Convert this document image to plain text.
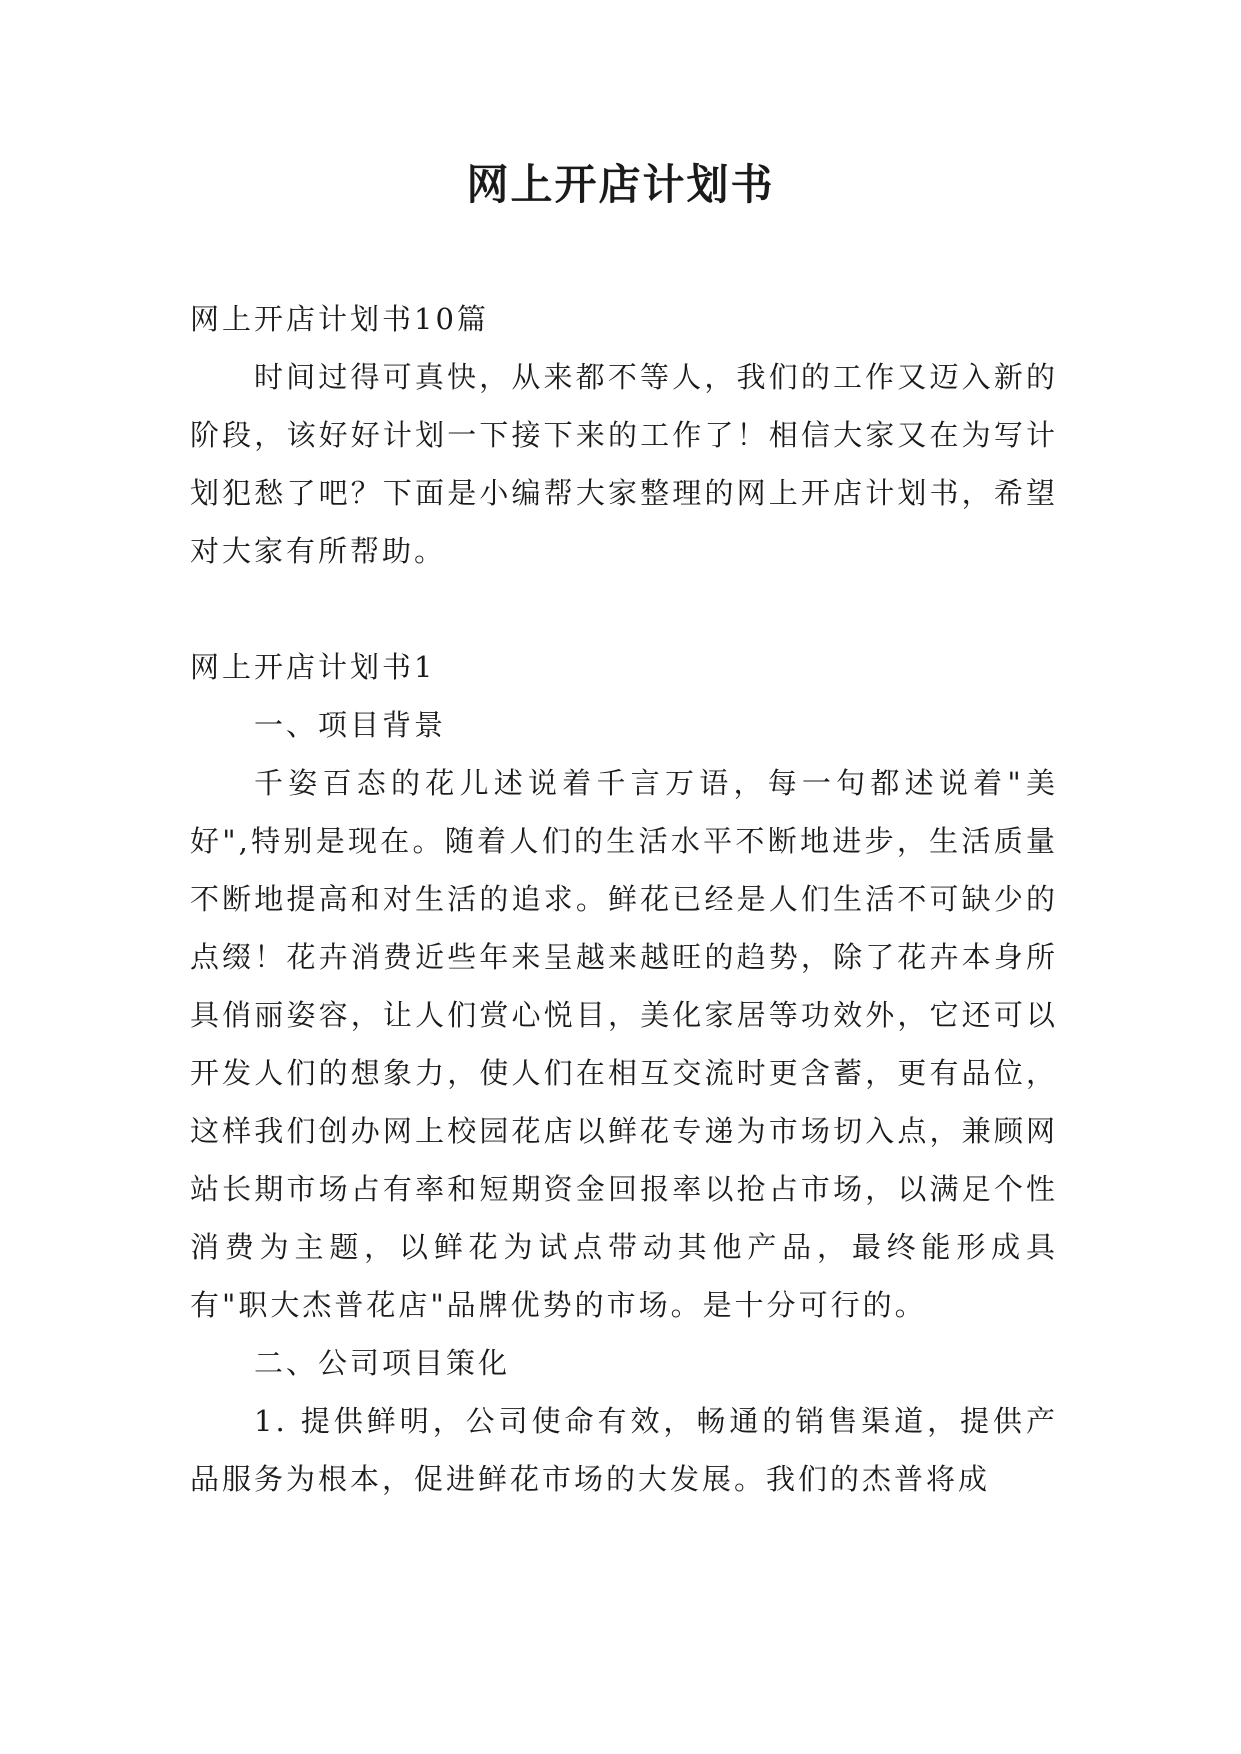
网上开店计划书

网上开店计划书10篇

时间过得可真快，从来都不等人，我们的工作又迈入新的阶段，该好好计划一下接下来的工作了！相信大家又在为写计划犯愁了吧？下面是小编帮大家整理的网上开店计划书，希望对大家有所帮助。

网上开店计划书1

一、项目背景

千姿百态的花儿述说着千言万语，每一句都述说着"美好",特别是现在。随着人们的生活水平不断地进步，生活质量不断地提高和对生活的追求。鲜花已经是人们生活不可缺少的点缀！花卉消费近些年来呈越来越旺的趋势，除了花卉本身所具俏丽姿容，让人们赏心悦目，美化家居等功效外，它还可以开发人们的想象力，使人们在相互交流时更含蓄，更有品位，这样我们创办网上校园花店以鲜花专递为市场切入点，兼顾网站长期市场占有率和短期资金回报率以抢占市场，以满足个性消费为主题，以鲜花为试点带动其他产品，最终能形成具有"职大杰普花店"品牌优势的市场。是十分可行的。

二、公司项目策化

1. 提供鲜明，公司使命有效，畅通的销售渠道，提供产品服务为根本，促进鲜花市场的大发展。我们的杰普将成
